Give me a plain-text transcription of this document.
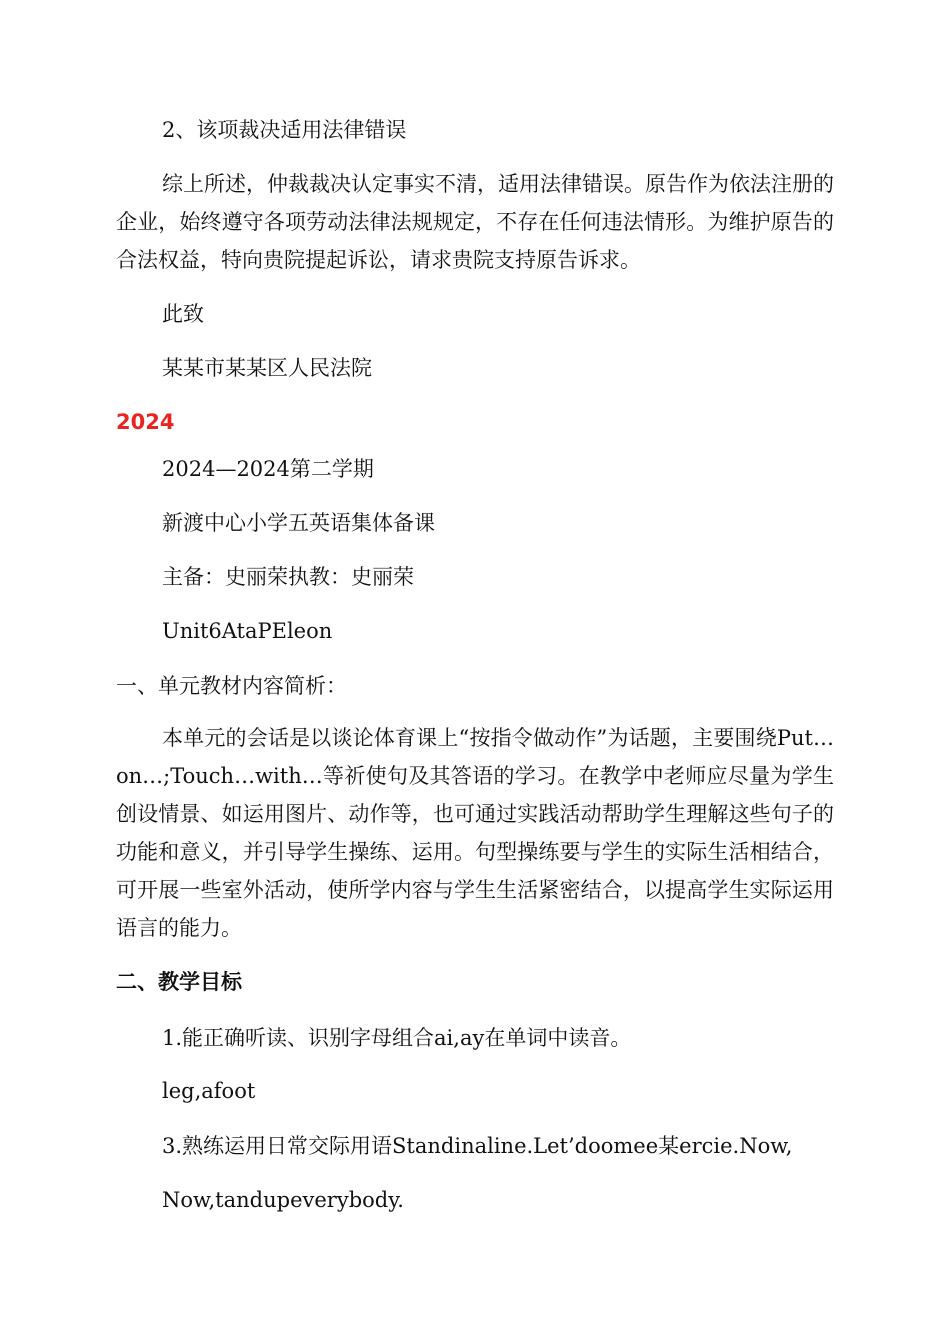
2、该项裁决适用法律错误
综上所述，仲裁裁决认定事实不清，适用法律错误。原告作为依法注册的企业，始终遵守各项劳动法律法规规定，不存在任何违法情形。为维护原告的合法权益，特向贵院提起诉讼，请求贵院支持原告诉求。
此致
某某市某某区人民法院
2024
2024—2024第二学期
新渡中心小学五英语集体备课
主备：史丽荣执教：史丽荣
Unit6AtaPEleon
一、单元教材内容简析：
本单元的会话是以谈论体育课上“按指令做动作”为话题，主要围绕Put…on…;Touch…with…等祈使句及其答语的学习。在教学中老师应尽量为学生创设情景、如运用图片、动作等，也可通过实践活动帮助学生理解这些句子的功能和意义，并引导学生操练、运用。句型操练要与学生的实际生活相结合，可开展一些室外活动，使所学内容与学生生活紧密结合，以提高学生实际运用语言的能力。
二、教学目标
1.能正确听读、识别字母组合ai,ay在单词中读音。
leg,afoot
3.熟练运用日常交际用语Standinaline.Let’doomee某ercie.Now,
Now,tandupeverybody.
